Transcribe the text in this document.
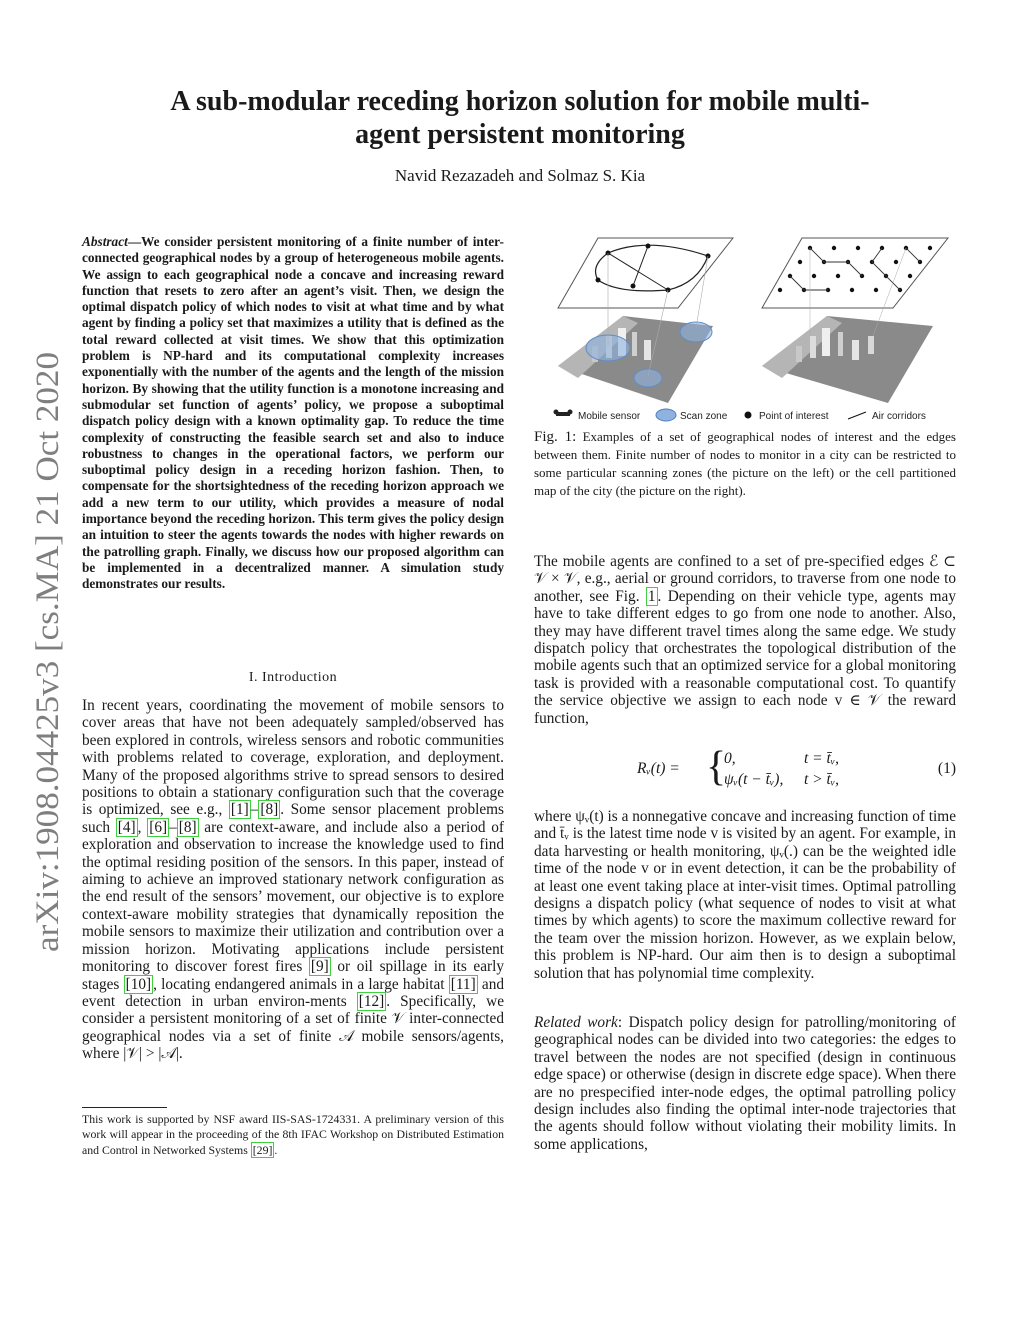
arXiv:1908.04425v3 [cs.MA] 21 Oct 2020
A sub-modular receding horizon solution for mobile multi-agent persistent monitoring
Navid Rezazadeh and Solmaz S. Kia
Abstract—We consider persistent monitoring of a finite number of inter-connected geographical nodes by a group of heterogeneous mobile agents. We assign to each geographical node a concave and increasing reward function that resets to zero after an agent’s visit. Then, we design the optimal dispatch policy of which nodes to visit at what time and by what agent by finding a policy set that maximizes a utility that is defined as the total reward collected at visit times. We show that this optimization problem is NP-hard and its computational complexity increases exponentially with the number of the agents and the length of the mission horizon. By showing that the utility function is a monotone increasing and submodular set function of agents’ policy, we propose a suboptimal dispatch policy design with a known optimality gap. To reduce the time complexity of constructing the feasible search set and also to induce robustness to changes in the operational factors, we perform our suboptimal policy design in a receding horizon fashion. Then, to compensate for the shortsightedness of the receding horizon approach we add a new term to our utility, which provides a measure of nodal importance beyond the receding horizon. This term gives the policy design an intuition to steer the agents towards the nodes with higher rewards on the patrolling graph. Finally, we discuss how our proposed algorithm can be implemented in a decentralized manner. A simulation study demonstrates our results.
I. Introduction
In recent years, coordinating the movement of mobile sensors to cover areas that have not been adequately sampled/observed has been explored in controls, wireless sensors and robotic communities with problems related to coverage, exploration, and deployment. Many of the proposed algorithms strive to spread sensors to desired positions to obtain a stationary configuration such that the coverage is optimized, see e.g., [1] – [8] . Some sensor placement problems such [4] , [6] – [8] are context-aware, and include also a period of exploration and observation to increase the knowledge used to find the optimal residing position of the sensors. In this paper, instead of aiming to achieve an improved stationary network configuration as the end result of the sensors’ movement, our objective is to explore context-aware mobility strategies that dynamically reposition the mobile sensors to maximize their utilization and contribution over a mission horizon. Motivating applications include persistent monitoring to discover forest fires [9] or oil spillage in its early stages [10] , locating endangered animals in a large habitat [11] and event detection in urban environ-ments [12] . Specifically, we consider a persistent monitoring of a set of finite 𝒱 inter-connected geographical nodes via a set of finite 𝒜 mobile sensors/agents, where |𝒱| > |𝒜|.
This work is supported by NSF award IIS-SAS-1724331. A preliminary version of this work will appear in the proceeding of the 8th IFAC Workshop on Distributed Estimation and Control in Networked Systems [29] .
Mobile sensor	Scan zone	Point of interest	Air corridors
Fig. 1: Examples of a set of geographical nodes of interest and the edges between them. Finite number of nodes to monitor in a city can be restricted to some particular scanning zones (the picture on the left) or the cell partitioned map of the city (the picture on the right).
The mobile agents are confined to a set of pre-specified edges ℰ ⊂ 𝒱 × 𝒱, e.g., aerial or ground corridors, to traverse from one node to another, see Fig. 1 . Depending on their vehicle type, agents may have to take different edges to go from one node to another. Also, they may have different travel times along the same edge. We study dispatch policy that orchestrates the topological distribution of the mobile agents such that an optimized service for a global monitoring task is provided with a reasonable computational cost. To quantify the service objective we assign to each node v ∈ 𝒱 the reward function,
Rᵥ(t) = {
0,	t = t̄ᵥ,
ψᵥ(t − t̄ᵥ), t > t̄ᵥ,
(1)
where ψᵥ(t) is a nonnegative concave and increasing function of time and t̄ᵥ is the latest time node v is visited by an agent. For example, in data harvesting or health monitoring, ψᵥ(.) can be the weighted idle time of the node v or in event detection, it can be the probability of at least one event taking place at inter-visit times. Optimal patrolling designs a dispatch policy (what sequence of nodes to visit at what times by which agents) to score the maximum collective reward for the team over the mission horizon. However, as we explain below, this problem is NP-hard. Our aim then is to design a suboptimal solution that has polynomial time complexity.
Related work: Dispatch policy design for patrolling/monitoring of geographical nodes can be divided into two categories: the edges to travel between the nodes are not specified (design in continuous edge space) or otherwise (design in discrete edge space). When there are no prespecified inter-node edges, the optimal patrolling policy design includes also finding the optimal inter-node trajectories that the agents should follow without violating their mobility limits. In some applications,
